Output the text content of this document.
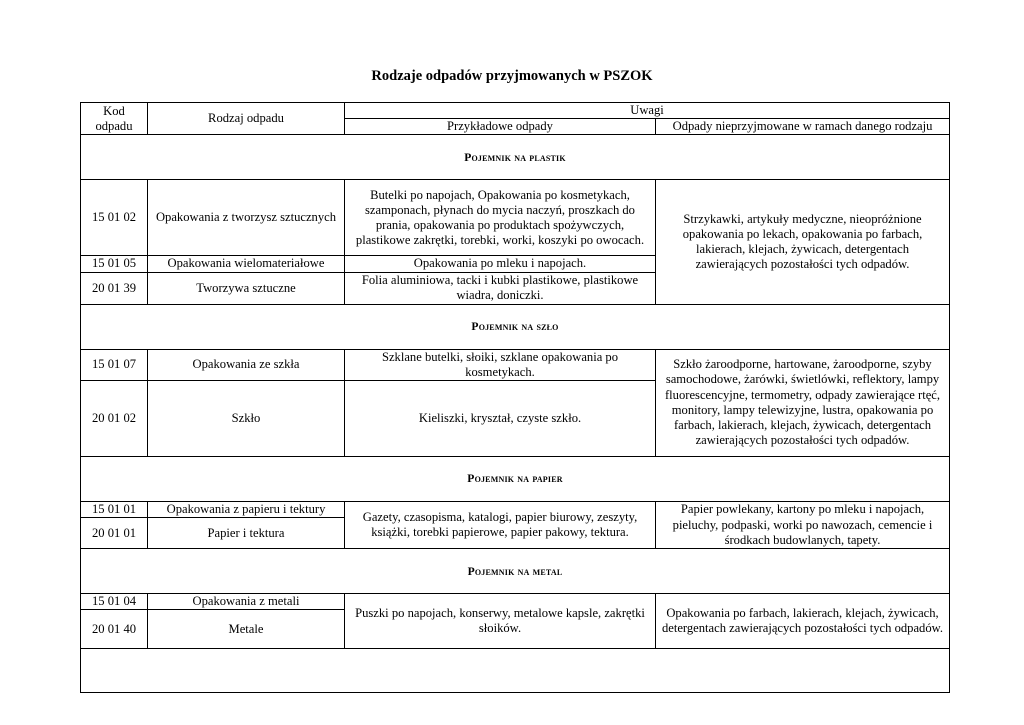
Rodzaje odpadów przyjmowanych w PSZOK
Kod odpadu	Rodzaj odpadu	Uwagi	
		Przykładowe odpady	Odpady nieprzyjmowane w ramach danego rodzaju
Pojemnik na plastik			
15 01 02	Opakowania z tworzysz sztucznych	Butelki po napojach, Opakowania po kosmetykach, szamponach, płynach do mycia naczyń, proszkach do prania, opakowania po produktach spożywczych, plastikowe zakrętki, torebki, worki, koszyki po owocach.	Strzykawki, artykuły medyczne, nieopróżnione opakowania po lekach, opakowania po farbach, lakierach, klejach, żywicach, detergentach zawierających pozostałości tych odpadów.
15 01 05	Opakowania wielomateriałowe	Opakowania po mleku i napojach.	
20 01 39	Tworzywa sztuczne	Folia aluminiowa, tacki i kubki plastikowe, plastikowe wiadra, doniczki.	
Pojemnik na szło			
15 01 07	Opakowania ze szkła	Szklane butelki, słoiki, szklane opakowania po kosmetykach.	Szkło żaroodporne, hartowane, żaroodporne, szyby samochodowe, żarówki, świetlówki, reflektory, lampy fluorescencyjne, termometry, odpady zawierające rtęć, monitory, lampy telewizyjne, lustra, opakowania po farbach, lakierach, klejach, żywicach, detergentach zawierających pozostałości tych odpadów.
20 01 02	Szkło	Kieliszki, kryształ, czyste szkło.	
Pojemnik na papier			
15 01 01	Opakowania z papieru i tektury	Gazety, czasopisma, katalogi, papier biurowy, zeszyty, książki, torebki papierowe, papier pakowy, tektura.	Papier powlekany, kartony po mleku i napojach, pieluchy, podpaski, worki po nawozach, cemencie i środkach budowlanych, tapety.
20 01 01	Papier i tektura		
Pojemnik na metal			
15 01 04	Opakowania z metali	Puszki po napojach, konserwy, metalowe kapsle, zakrętki słoików.	Opakowania po farbach, lakierach, klejach, żywicach, detergentach zawierających pozostałości tych odpadów.
20 01 40	Metale		
